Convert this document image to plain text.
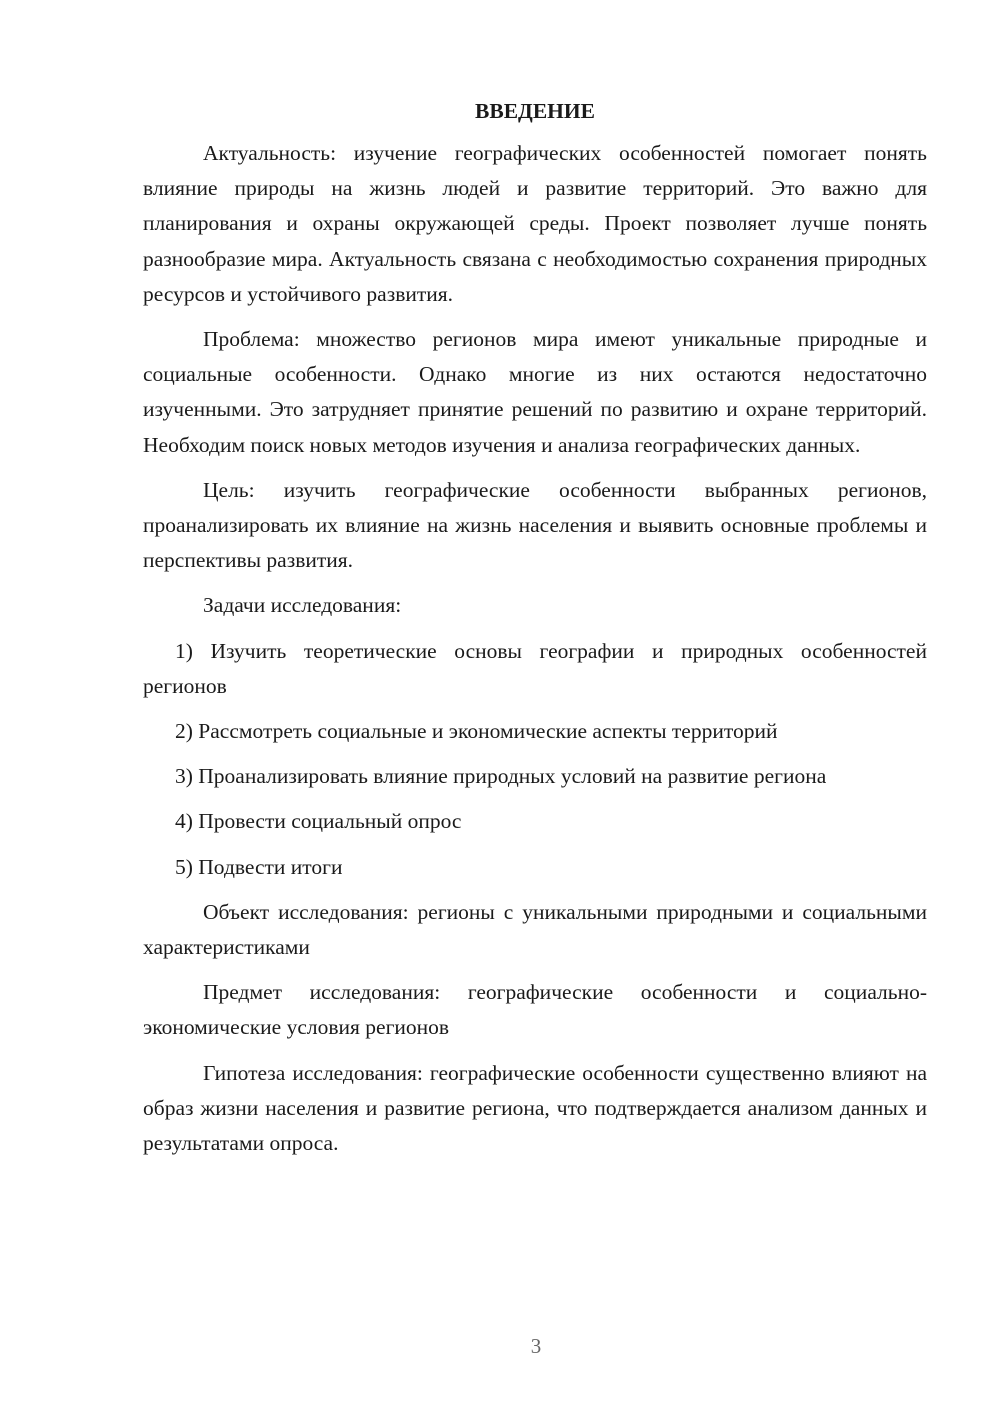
ВВЕДЕНИЕ

Актуальность: изучение географических особенностей помогает понять влияние природы на жизнь людей и развитие территорий. Это важно для планирования и охраны окружающей среды. Проект позволяет лучше понять разнообразие мира. Актуальность связана с необходимостью сохранения природных ресурсов и устойчивого развития.

Проблема: множество регионов мира имеют уникальные природные и социальные особенности. Однако многие из них остаются недостаточно изученными. Это затрудняет принятие решений по развитию и охране территорий. Необходим поиск новых методов изучения и анализа географических данных.

Цель: изучить географические особенности выбранных регионов, проанализировать их влияние на жизнь населения и выявить основные проблемы и перспективы развития.

Задачи исследования:

1) Изучить теоретические основы географии и природных особенностей регионов

2) Рассмотреть социальные и экономические аспекты территорий

3) Проанализировать влияние природных условий на развитие региона

4) Провести социальный опрос

5) Подвести итоги

Объект исследования: регионы с уникальными природными и социальными характеристиками

Предмет исследования: географические особенности и социально-экономические условия регионов

Гипотеза исследования: географические особенности существенно влияют на образ жизни населения и развитие региона, что подтверждается анализом данных и результатами опроса.

3
